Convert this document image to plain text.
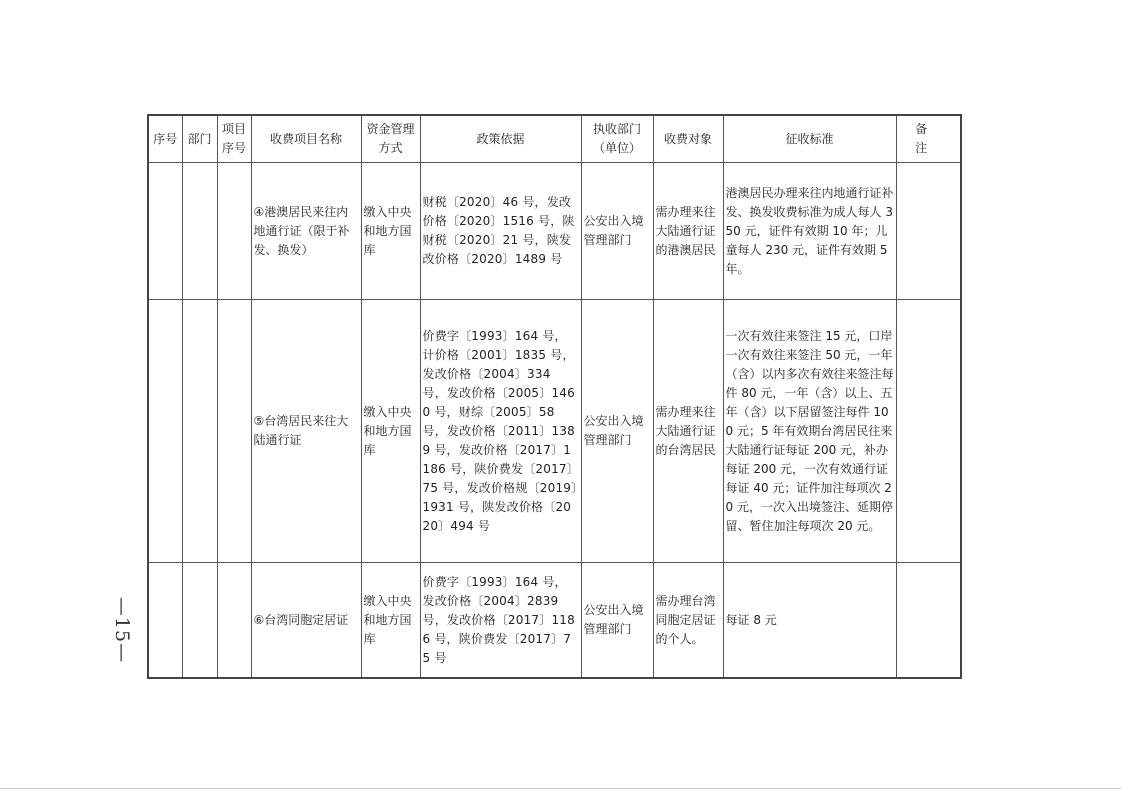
—15—
序号	部门	项目序号	收费项目名称	资金管理方式	政策依据	执收部门（单位）	收费对象	征收标准	备 注
			④港澳居民来往内地通行证（限于补发、换发）	缴入中央和地方国库	财税〔2020〕46 号，发改价格〔2020〕1516 号，陕财税〔2020〕21 号，陕发改价格〔2020〕1489 号	公安出入境管理部门	需办理来往大陆通行证的港澳居民	港澳居民办理来往内地通行证补发、换发收费标准为成人每人 350 元，证件有效期 10 年；儿童每人 230 元，证件有效期 5 年。	
			⑤台湾居民来往大陆通行证	缴入中央和地方国库	价费字〔1993〕164 号，计价格〔2001〕1835 号，发改价格〔2004〕334 号，发改价格〔2005〕1460 号，财综〔2005〕58 号，发改价格〔2011〕1389 号，发改价格〔2017〕1186 号，陕价费发〔2017〕75 号，发改价格规〔2019〕1931 号，陕发改价格〔2020〕494 号	公安出入境管理部门	需办理来往大陆通行证的台湾居民	一次有效往来签注 15 元，口岸一次有效往来签注 50 元，一年（含）以内多次有效往来签注每件 80 元，一年（含）以上、五年（含）以下居留签注每件 100 元；5 年有效期台湾居民往来大陆通行证每证 200 元，补办每证 200 元，一次有效通行证每证 40 元；证件加注每项次 20 元，一次入出境签注、延期停留、暂住加注每项次 20 元。	
			⑥台湾同胞定居证	缴入中央和地方国库	价费字〔1993〕164 号，发改价格〔2004〕2839 号，发改价格〔2017〕1186 号，陕价费发〔2017〕75 号	公安出入境管理部门	需办理台湾同胞定居证的个人。	每证 8 元	
